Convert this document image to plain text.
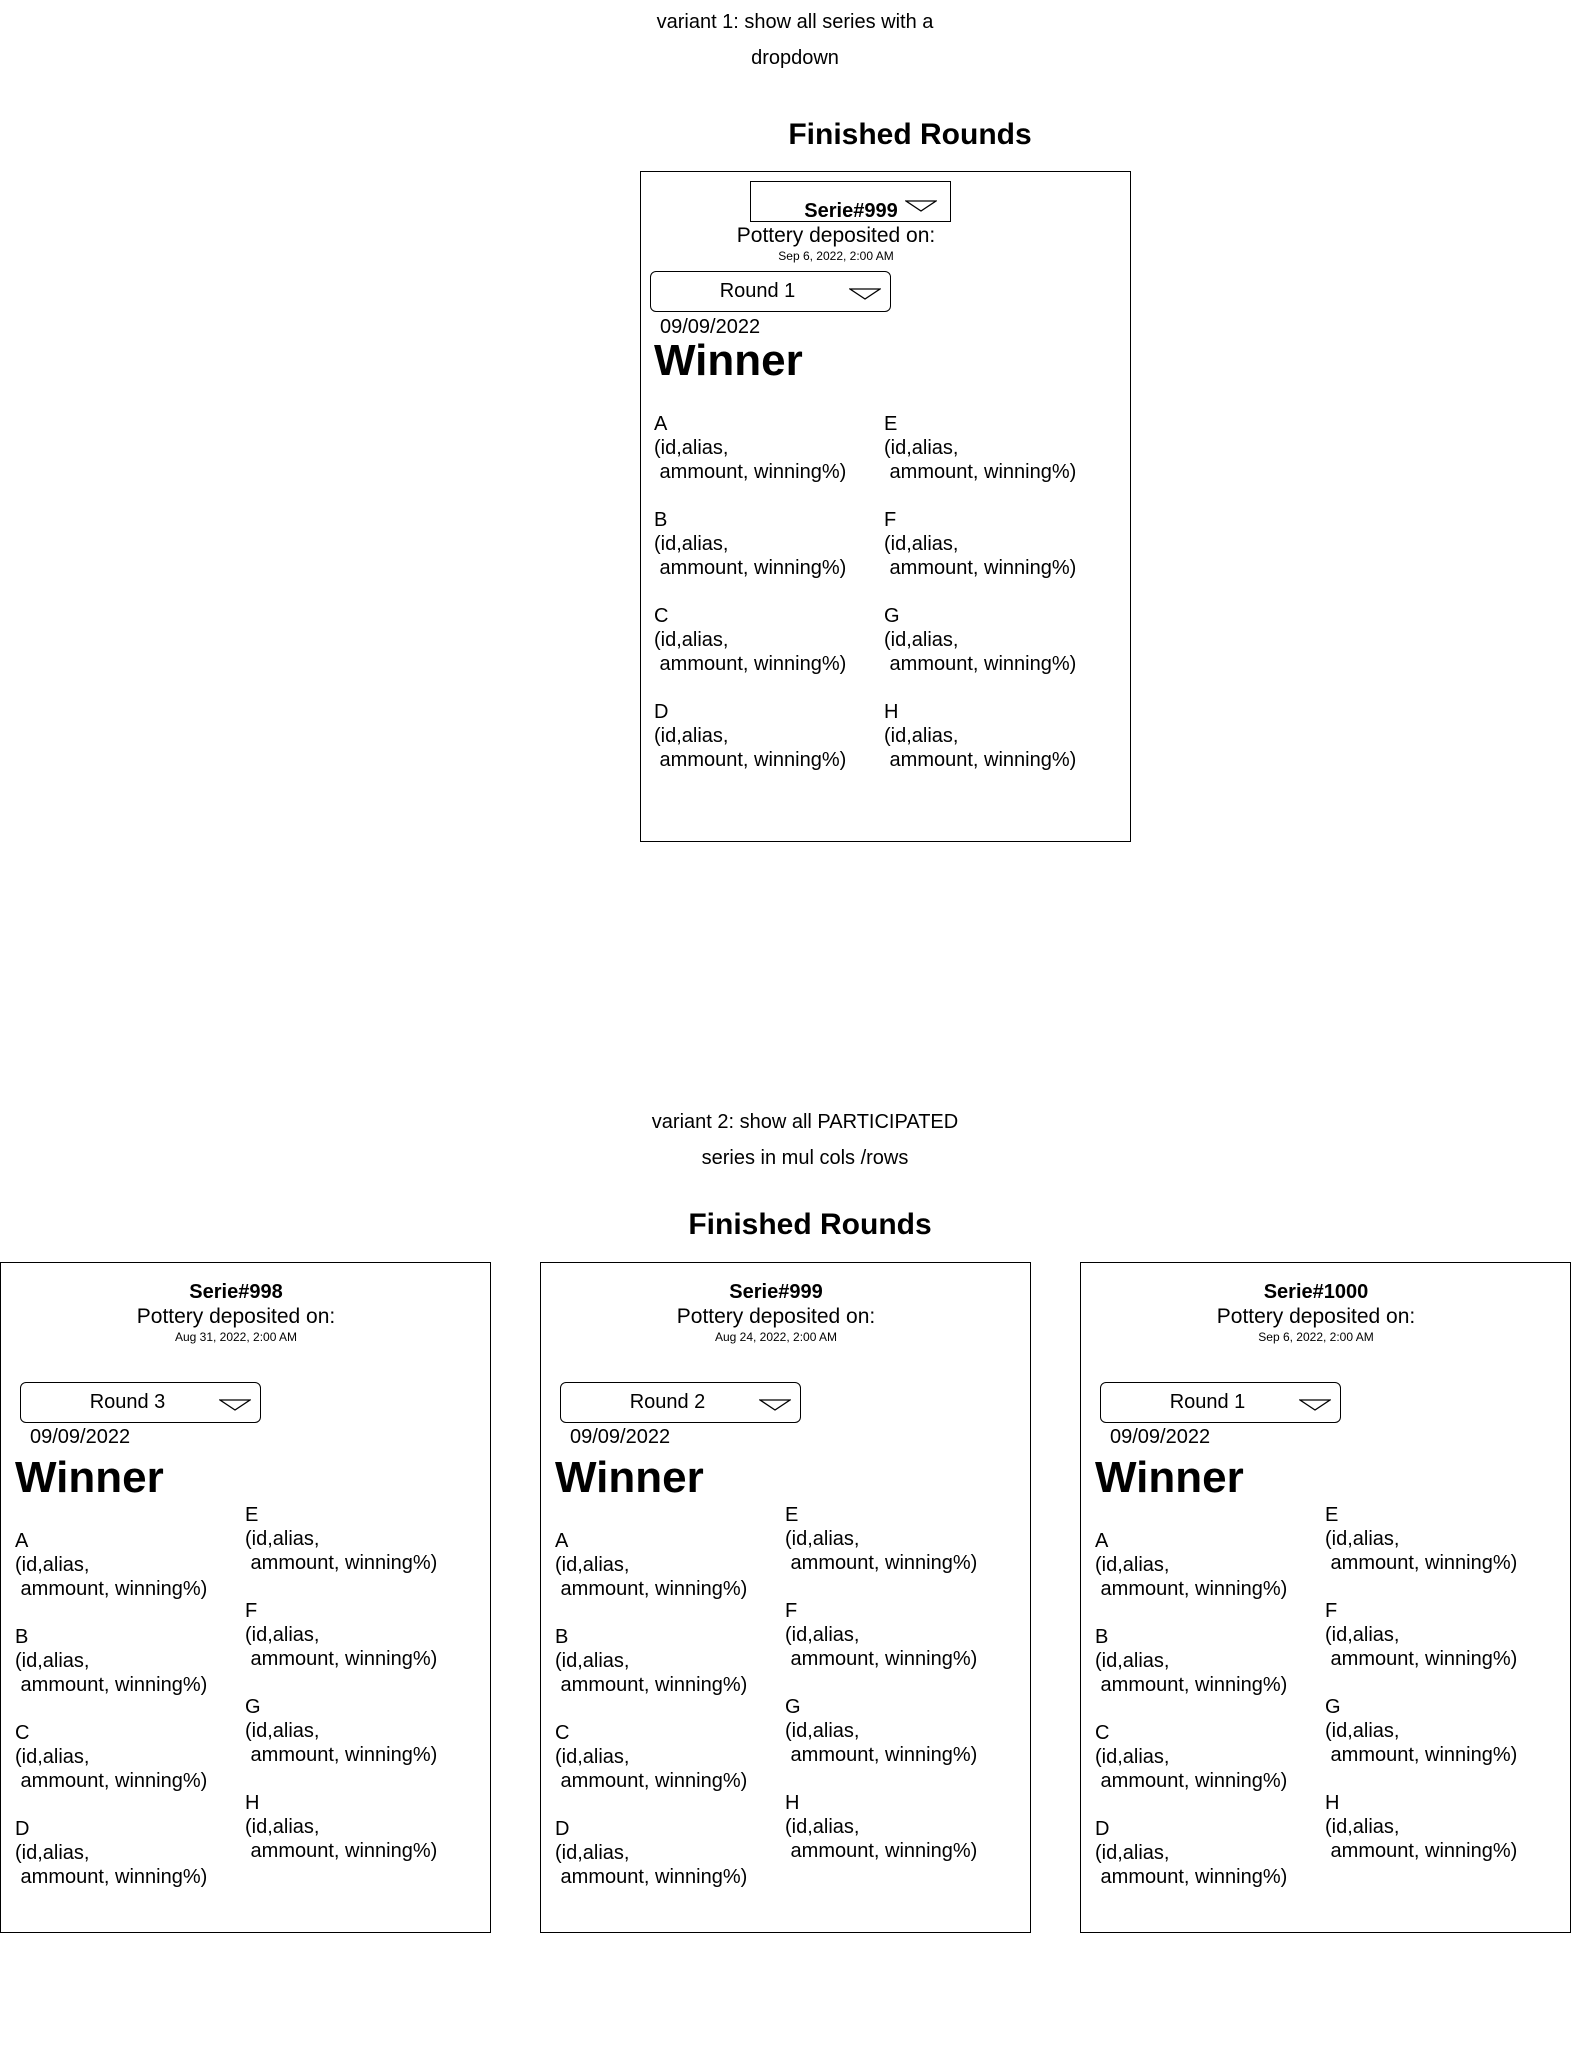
variant 1: show all series with a
dropdown
Finished Rounds
Serie#999
Pottery deposited on:
Sep 6, 2022, 2:00 AM
Round 1
09/09/2022
Winner
A
(id,alias,
ammount, winning%)
B
(id,alias,
ammount, winning%)
C
(id,alias,
ammount, winning%)
D
(id,alias,
ammount, winning%)
E
(id,alias,
ammount, winning%)
F
(id,alias,
ammount, winning%)
G
(id,alias,
ammount, winning%)
H
(id,alias,
ammount, winning%)
variant 2: show all PARTICIPATED
series in mul cols /rows
Finished Rounds
Serie#998
Pottery deposited on:
Aug 31, 2022, 2:00 AM
Round 3
09/09/2022
Winner
A
(id,alias,
ammount, winning%)
B
(id,alias,
ammount, winning%)
C
(id,alias,
ammount, winning%)
D
(id,alias,
ammount, winning%)
E
(id,alias,
ammount, winning%)
F
(id,alias,
ammount, winning%)
G
(id,alias,
ammount, winning%)
H
(id,alias,
ammount, winning%)
Serie#999
Pottery deposited on:
Aug 24, 2022, 2:00 AM
Round 2
09/09/2022
Winner
A
(id,alias,
ammount, winning%)
B
(id,alias,
ammount, winning%)
C
(id,alias,
ammount, winning%)
D
(id,alias,
ammount, winning%)
E
(id,alias,
ammount, winning%)
F
(id,alias,
ammount, winning%)
G
(id,alias,
ammount, winning%)
H
(id,alias,
ammount, winning%)
Serie#1000
Pottery deposited on:
Sep 6, 2022, 2:00 AM
Round 1
09/09/2022
Winner
A
(id,alias,
ammount, winning%)
B
(id,alias,
ammount, winning%)
C
(id,alias,
ammount, winning%)
D
(id,alias,
ammount, winning%)
E
(id,alias,
ammount, winning%)
F
(id,alias,
ammount, winning%)
G
(id,alias,
ammount, winning%)
H
(id,alias,
ammount, winning%)
